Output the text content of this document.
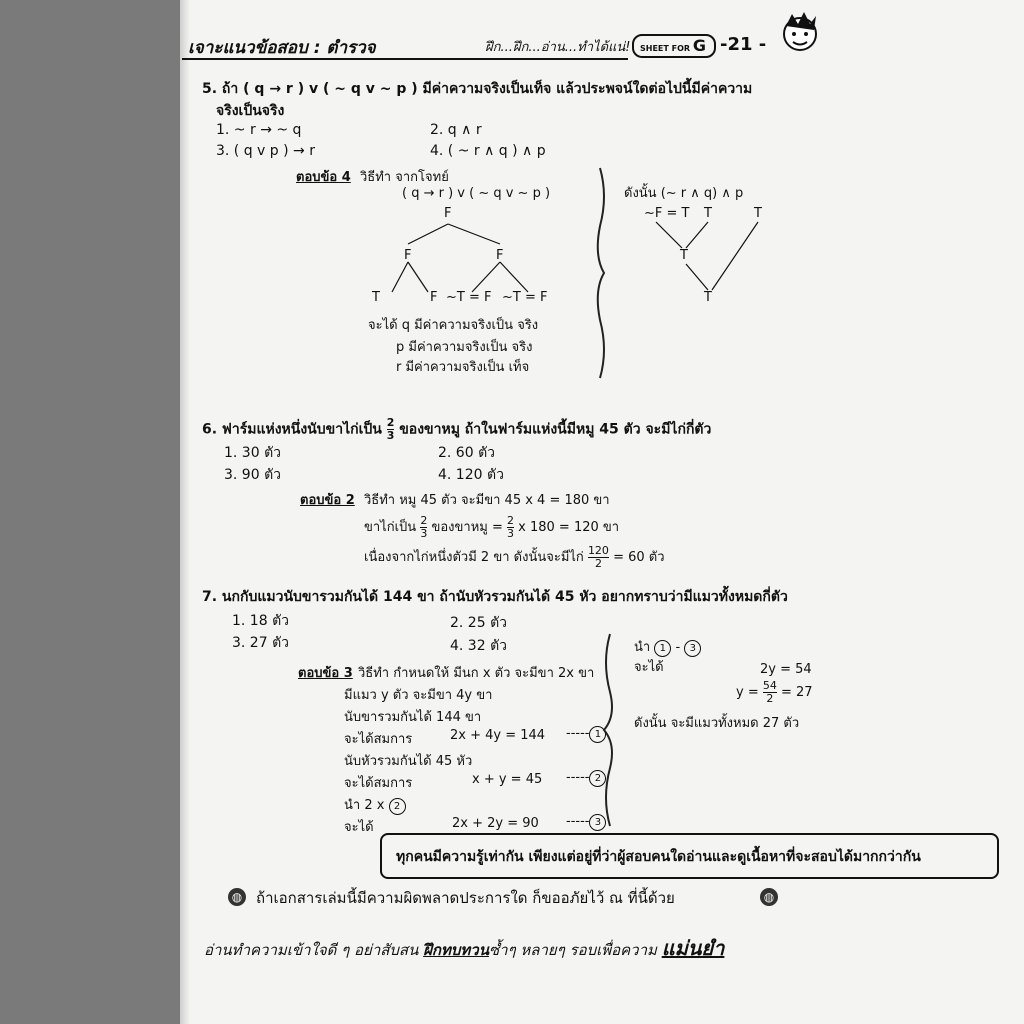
เจาะแนวข้อสอบ : ตำรวจ	ฝึก...ฝึก...อ่าน...ทำได้แน่!	SHEET FOR G -21 -
5. ถ้า ( q → r ) v ( ~ q v ~ p ) มีค่าความจริงเป็นเท็จ แล้วประพจน์ใดต่อไปนี้มีค่าความ
จริงเป็นจริง
1. ~ r → ~ q	2. q ∧ r
3. ( q v p ) → r	4. ( ~ r ∧ q ) ∧ p
ตอบข้อ 4 วิธีทำ จากโจทย์
( q → r ) v ( ~ q v ~ p )
F
F	F
T	F ~T = F ~T = F
จะได้ q มีค่าความจริงเป็น จริง
p มีค่าความจริงเป็น จริง
r มีค่าความจริงเป็น เท็จ
ดังนั้น (~ r ∧ q) ∧ p
~F = T T	T
T
T
6. ฟาร์มแห่งหนึ่งนับขาไก่เป็น $\frac{2}{3}$ ของขาหมู ถ้าในฟาร์มแห่งนี้มีหมู 45 ตัว จะมีไก่กี่ตัว
1. 30 ตัว	2. 60 ตัว
3. 90 ตัว	4. 120 ตัว
ตอบข้อ 2 วิธีทำ หมู 45 ตัว จะมีขา 45 x 4 = 180 ขา
ขาไก่เป็น $\frac{2}{3}$ ของขาหมู = $\frac{2}{3}$ x 180 = 120 ขา
เนื่องจากไก่หนึ่งตัวมี 2 ขา ดังนั้นจะมีไก่ $\frac{120}{2} = 60$ ตัว
7. นกกับแมวนับขารวมกันได้ 144 ขา ถ้านับหัวรวมกันได้ 45 หัว อยากทราบว่ามีแมวทั้งหมดกี่ตัว
1. 18 ตัว	2. 25 ตัว
3. 27 ตัว	4. 32 ตัว
ตอบข้อ 3 วิธีทำ กำหนดให้ มีนก x ตัว จะมีขา 2x ขา
มีแมว y ตัว จะมีขา 4y ขา
นับขารวมกันได้ 144 ขา
จะได้สมการ	2x + 4y = 144 ----- 1
นับหัวรวมกันได้ 45 หัว
จะได้สมการ	x + y = 45 ----- 2
นำ 2 x 2
จะได้	2x + 2y = 90 ----- 3
นำ 1 - 3
จะได้	2y = 54
$y = \frac{54}{2} = 27$
ดังนั้น จะมีแมวทั้งหมด 27 ตัว
ทุกคนมีความรู้เท่ากัน เพียงแต่อยู่ที่ว่าผู้สอบคนใดอ่านและดูเนื้อหาที่จะสอบได้มากกว่ากัน
◍ ถ้าเอกสารเล่มนี้มีความผิดพลาดประการใด ก็ขออภัยไว้ ณ ที่นี้ด้วย	◍
อ่านทำความเข้าใจดี ๆ อย่าสับสน ฝึกทบทวนซ้ำๆ หลายๆ รอบเพื่อความ แม่นยำ
